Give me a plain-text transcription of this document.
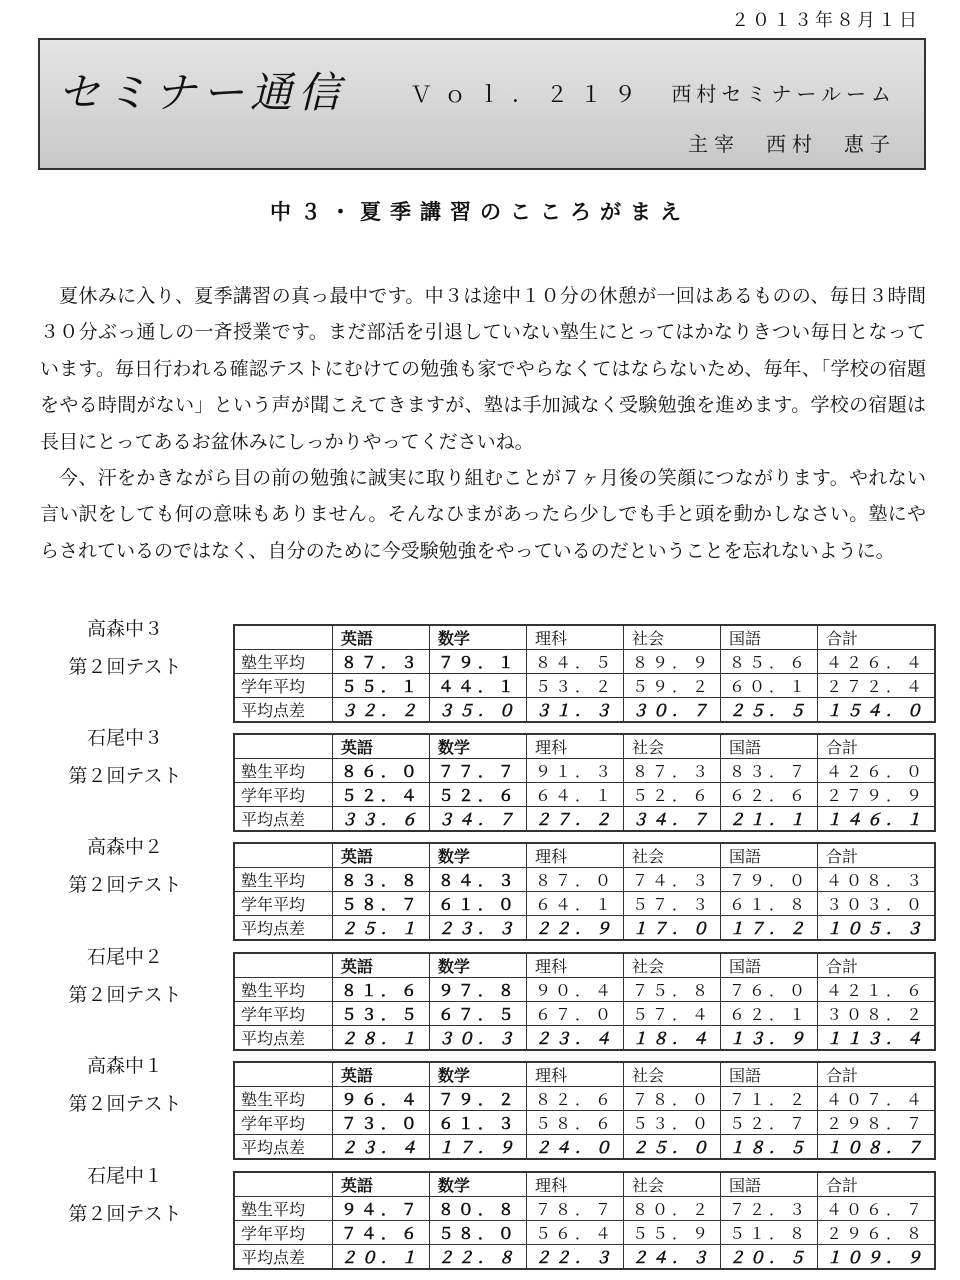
２０１３年８月１日
セミナー通信	Ｖｏｌ．２１９ 西村セミナールーム
主宰　西村　恵子
中３・夏季講習のこころがまえ

夏休みに入り、夏季講習の真っ最中です。中３は途中１０分の休憩が一回はあるものの、毎日３時間３０分ぶっ通しの一斉授業です。まだ部活を引退していない塾生にとってはかなりきつい毎日となっています。毎日行われる確認テストにむけての勉強も家でやらなくてはならないため、毎年、「学校の宿題をやる時間がない」という声が聞こえてきますが、塾は手加減なく受験勉強を進めます。学校の宿題は長目にとってあるお盆休みにしっかりやってくださいね。

今、汗をかきながら目の前の勉強に誠実に取り組むことが７ヶ月後の笑顔につながります。やれない言い訳をしても何の意味もありません。そんなひまがあったら少しでも手と頭を動かしなさい。塾にやらされているのではなく、自分のために今受験勉強をやっているのだということを忘れないように。

高森中３
第２回テスト
	英語	数学	理科	社会	国語	合計
塾生平均	８７．３	７９．１	８４．５	８９．９	８５．６	４２６．４
学年平均	５５．１	４４．１	５３．２	５９．２	６０．１	２７２．４
平均点差	３２．２	３５．０	３１．３	３０．７	２５．５	１５４．０
石尾中３
第２回テスト
	英語	数学	理科	社会	国語	合計
塾生平均	８６．０	７７．７	９１．３	８７．３	８３．７	４２６．０
学年平均	５２．４	５２．６	６４．１	５２．６	６２．６	２７９．９
平均点差	３３．６	３４．７	２７．２	３４．７	２１．１	１４６．１
高森中２
第２回テスト
	英語	数学	理科	社会	国語	合計
塾生平均	８３．８	８４．３	８７．０	７４．３	７９．０	４０８．３
学年平均	５８．７	６１．０	６４．１	５７．３	６１．８	３０３．０
平均点差	２５．１	２３．３	２２．９	１７．０	１７．２	１０５．３
石尾中２
第２回テスト
	英語	数学	理科	社会	国語	合計
塾生平均	８１．６	９７．８	９０．４	７５．８	７６．０	４２１．６
学年平均	５３．５	６７．５	６７．０	５７．４	６２．１	３０８．２
平均点差	２８．１	３０．３	２３．４	１８．４	１３．９	１１３．４
高森中１
第２回テスト
	英語	数学	理科	社会	国語	合計
塾生平均	９６．４	７９．２	８２．６	７８．０	７１．２	４０７．４
学年平均	７３．０	６１．３	５８．６	５３．０	５２．７	２９８．７
平均点差	２３．４	１７．９	２４．０	２５．０	１８．５	１０８．７
石尾中１
第２回テスト
	英語	数学	理科	社会	国語	合計
塾生平均	９４．７	８０．８	７８．７	８０．２	７２．３	４０６．７
学年平均	７４．６	５８．０	５６．４	５５．９	５１．８	２９６．８
平均点差	２０．１	２２．８	２２．３	２４．３	２０．５	１０９．９
